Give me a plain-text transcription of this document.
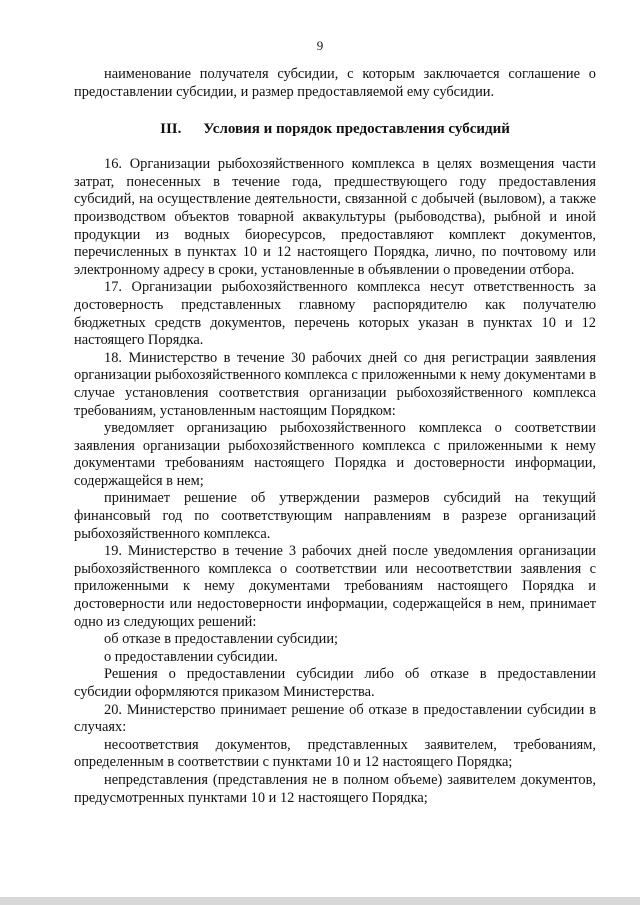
9

наименование получателя субсидии, с которым заключается соглашение о предоставлении субсидии, и размер предоставляемой ему субсидии.

III. Условия и порядок предоставления субсидий

16. Организации рыбохозяйственного комплекса в целях возмещения части затрат, понесенных в течение года, предшествующего году предоставления субсидий, на осуществление деятельности, связанной с добычей (выловом), а также производством объектов товарной аквакультуры (рыбоводства), рыбной и иной продукции из водных биоресурсов, предоставляют комплект документов, перечисленных в пунктах 10 и 12 настоящего Порядка, лично, по почтовому или электронному адресу в сроки, установленные в объявлении о проведении отбора.

17. Организации рыбохозяйственного комплекса несут ответственность за достоверность представленных главному распорядителю как получателю бюджетных средств документов, перечень которых указан в пунктах 10 и 12 настоящего Порядка.

18. Министерство в течение 30 рабочих дней со дня регистрации заявления организации рыбохозяйственного комплекса с приложенными к нему документами в случае установления соответствия организации рыбохозяйственного комплекса требованиям, установленным настоящим Порядком:

уведомляет организацию рыбохозяйственного комплекса о соответствии заявления организации рыбохозяйственного комплекса с приложенными к нему документами требованиям настоящего Порядка и достоверности информации, содержащейся в нем;

принимает решение об утверждении размеров субсидий на текущий финансовый год по соответствующим направлениям в разрезе организаций рыбохозяйственного комплекса.

19. Министерство в течение 3 рабочих дней после уведомления организации рыбохозяйственного комплекса о соответствии или несоответствии заявления с приложенными к нему документами требованиям настоящего Порядка и достоверности или недостоверности информации, содержащейся в нем, принимает одно из следующих решений:

об отказе в предоставлении субсидии;

о предоставлении субсидии.

Решения о предоставлении субсидии либо об отказе в предоставлении субсидии оформляются приказом Министерства.

20. Министерство принимает решение об отказе в предоставлении субсидии в случаях:

несоответствия документов, представленных заявителем, требованиям, определенным в соответствии с пунктами 10 и 12 настоящего Порядка;

непредставления (представления не в полном объеме) заявителем документов, предусмотренных пунктами 10 и 12 настоящего Порядка;
